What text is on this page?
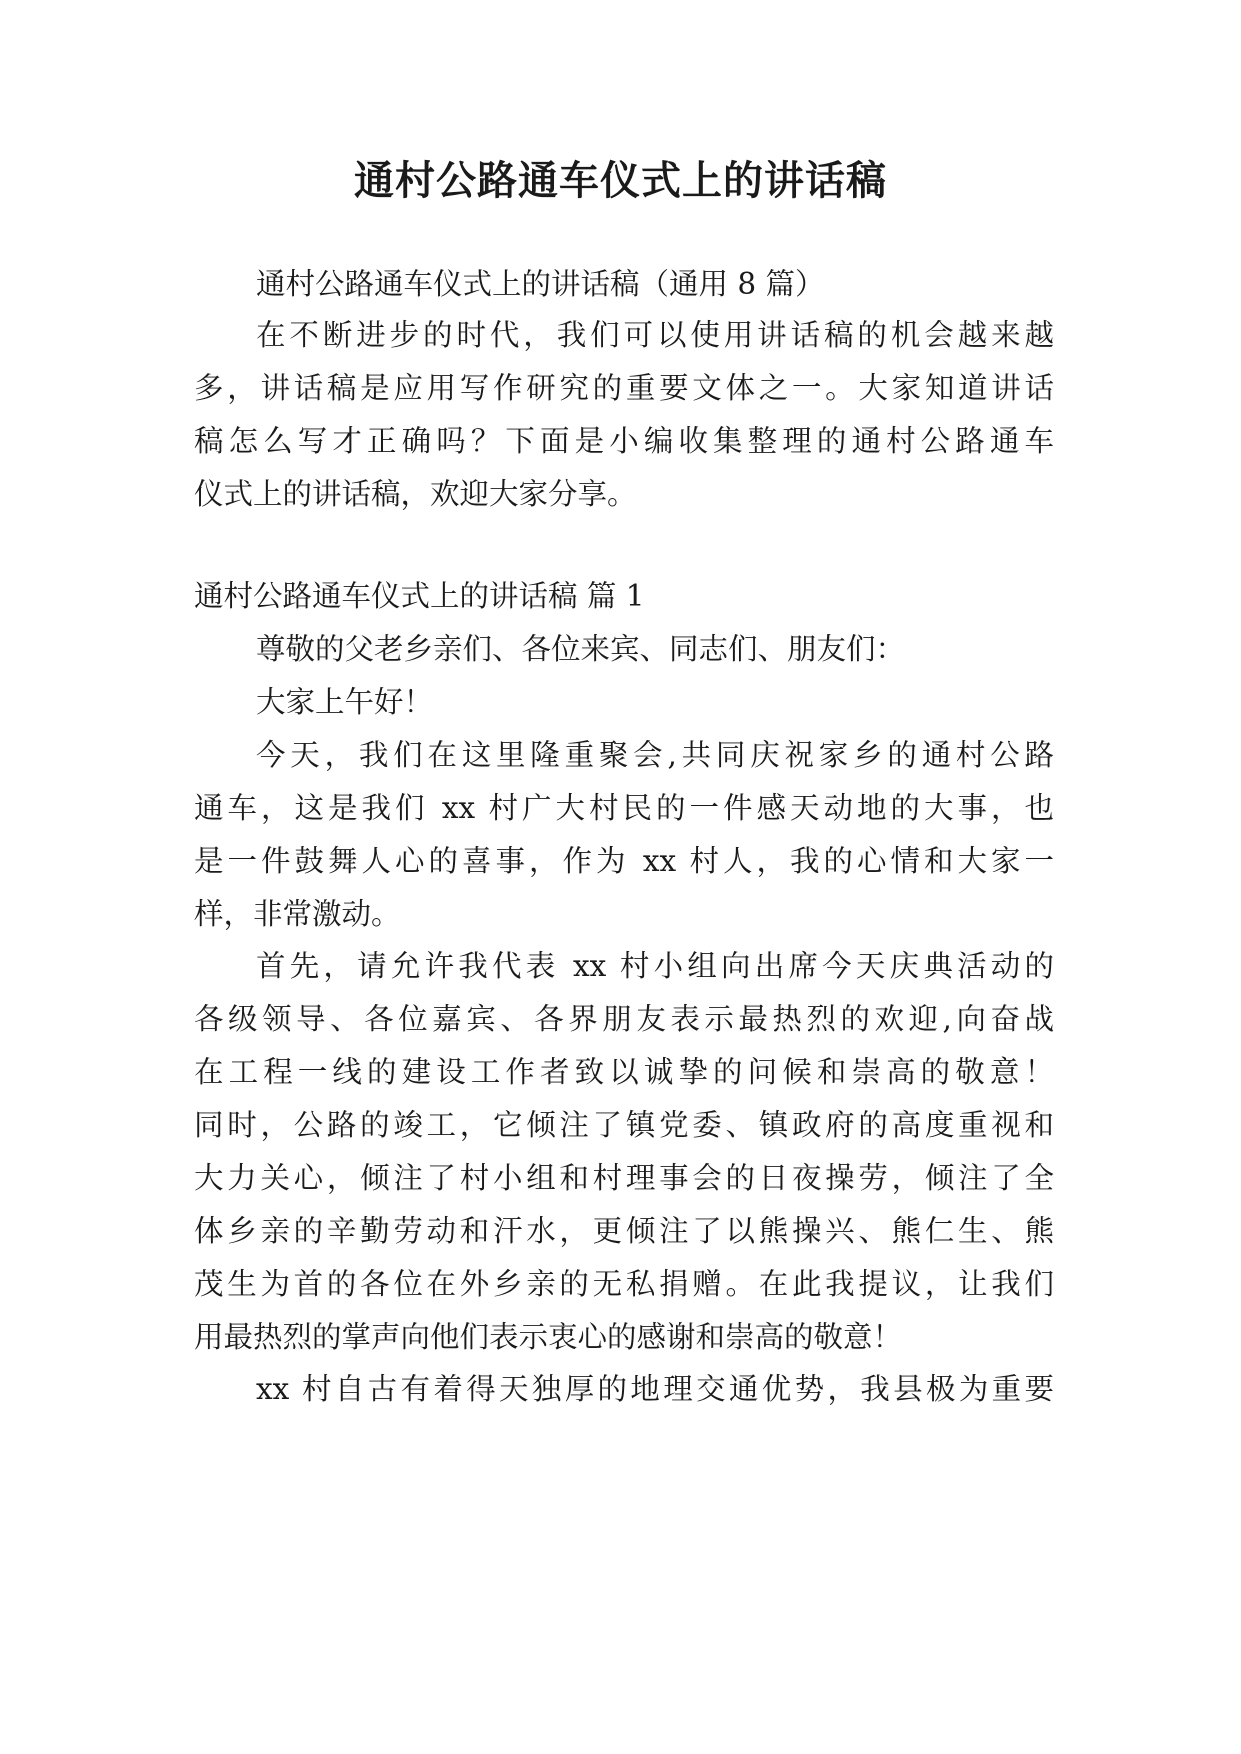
通村公路通车仪式上的讲话稿
通村公路通车仪式上的讲话稿（通用 8 篇）
在不断进步的时代，我们可以使用讲话稿的机会越来越
多，讲话稿是应用写作研究的重要文体之一。大家知道讲话
稿怎么写才正确吗？下面是小编收集整理的通村公路通车
仪式上的讲话稿，欢迎大家分享。
通村公路通车仪式上的讲话稿 篇 1
尊敬的父老乡亲们、各位来宾、同志们、朋友们：
大家上午好！
今天，我们在这里隆重聚会,共同庆祝家乡的通村公路
通车，这是我们 xx 村广大村民的一件感天动地的大事，也
是一件鼓舞人心的喜事，作为 xx 村人，我的心情和大家一
样，非常激动。
首先，请允许我代表 xx 村小组向出席今天庆典活动的
各级领导、各位嘉宾、各界朋友表示最热烈的欢迎,向奋战
在工程一线的建设工作者致以诚挚的问候和崇高的敬意！
同时，公路的竣工，它倾注了镇党委、镇政府的高度重视和
大力关心，倾注了村小组和村理事会的日夜操劳，倾注了全
体乡亲的辛勤劳动和汗水，更倾注了以熊操兴、熊仁生、熊
茂生为首的各位在外乡亲的无私捐赠。在此我提议，让我们
用最热烈的掌声向他们表示衷心的感谢和崇高的敬意！
xx 村自古有着得天独厚的地理交通优势，我县极为重要
